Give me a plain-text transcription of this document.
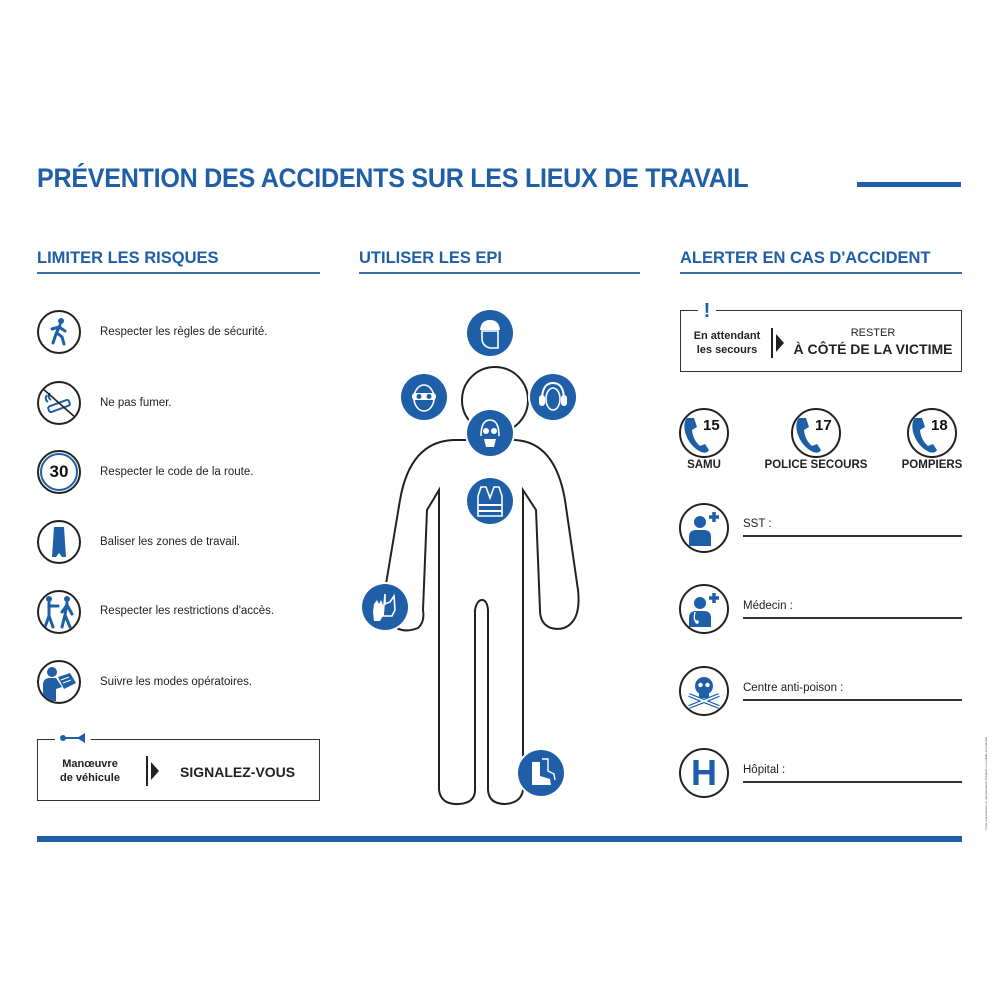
PRÉVENTION DES ACCIDENTS SUR LES LIEUX DE TRAVAIL
LIMITER LES RISQUES	UTILISER LES EPI	ALERTER EN CAS D'ACCIDENT
Respecter les règles de sécurité.
Ne pas fumer.
30	Respecter le code de la route.
Baliser les zones de travail.
Respecter les restrictions d'accès.
Suivre les modes opératoires.
Manœuvre
de véhicule	SIGNALEZ-VOUS
!
En attendant
les secours
RESTER
À CÔTÉ DE LA VICTIME
15
SAMU
17
POLICE SECOURS
18
POMPIERS
SST :
Médecin :
Centre anti-poison :
H Hôpital :	Toute reproduction ou représentation intégrale ou partielle est interdite
